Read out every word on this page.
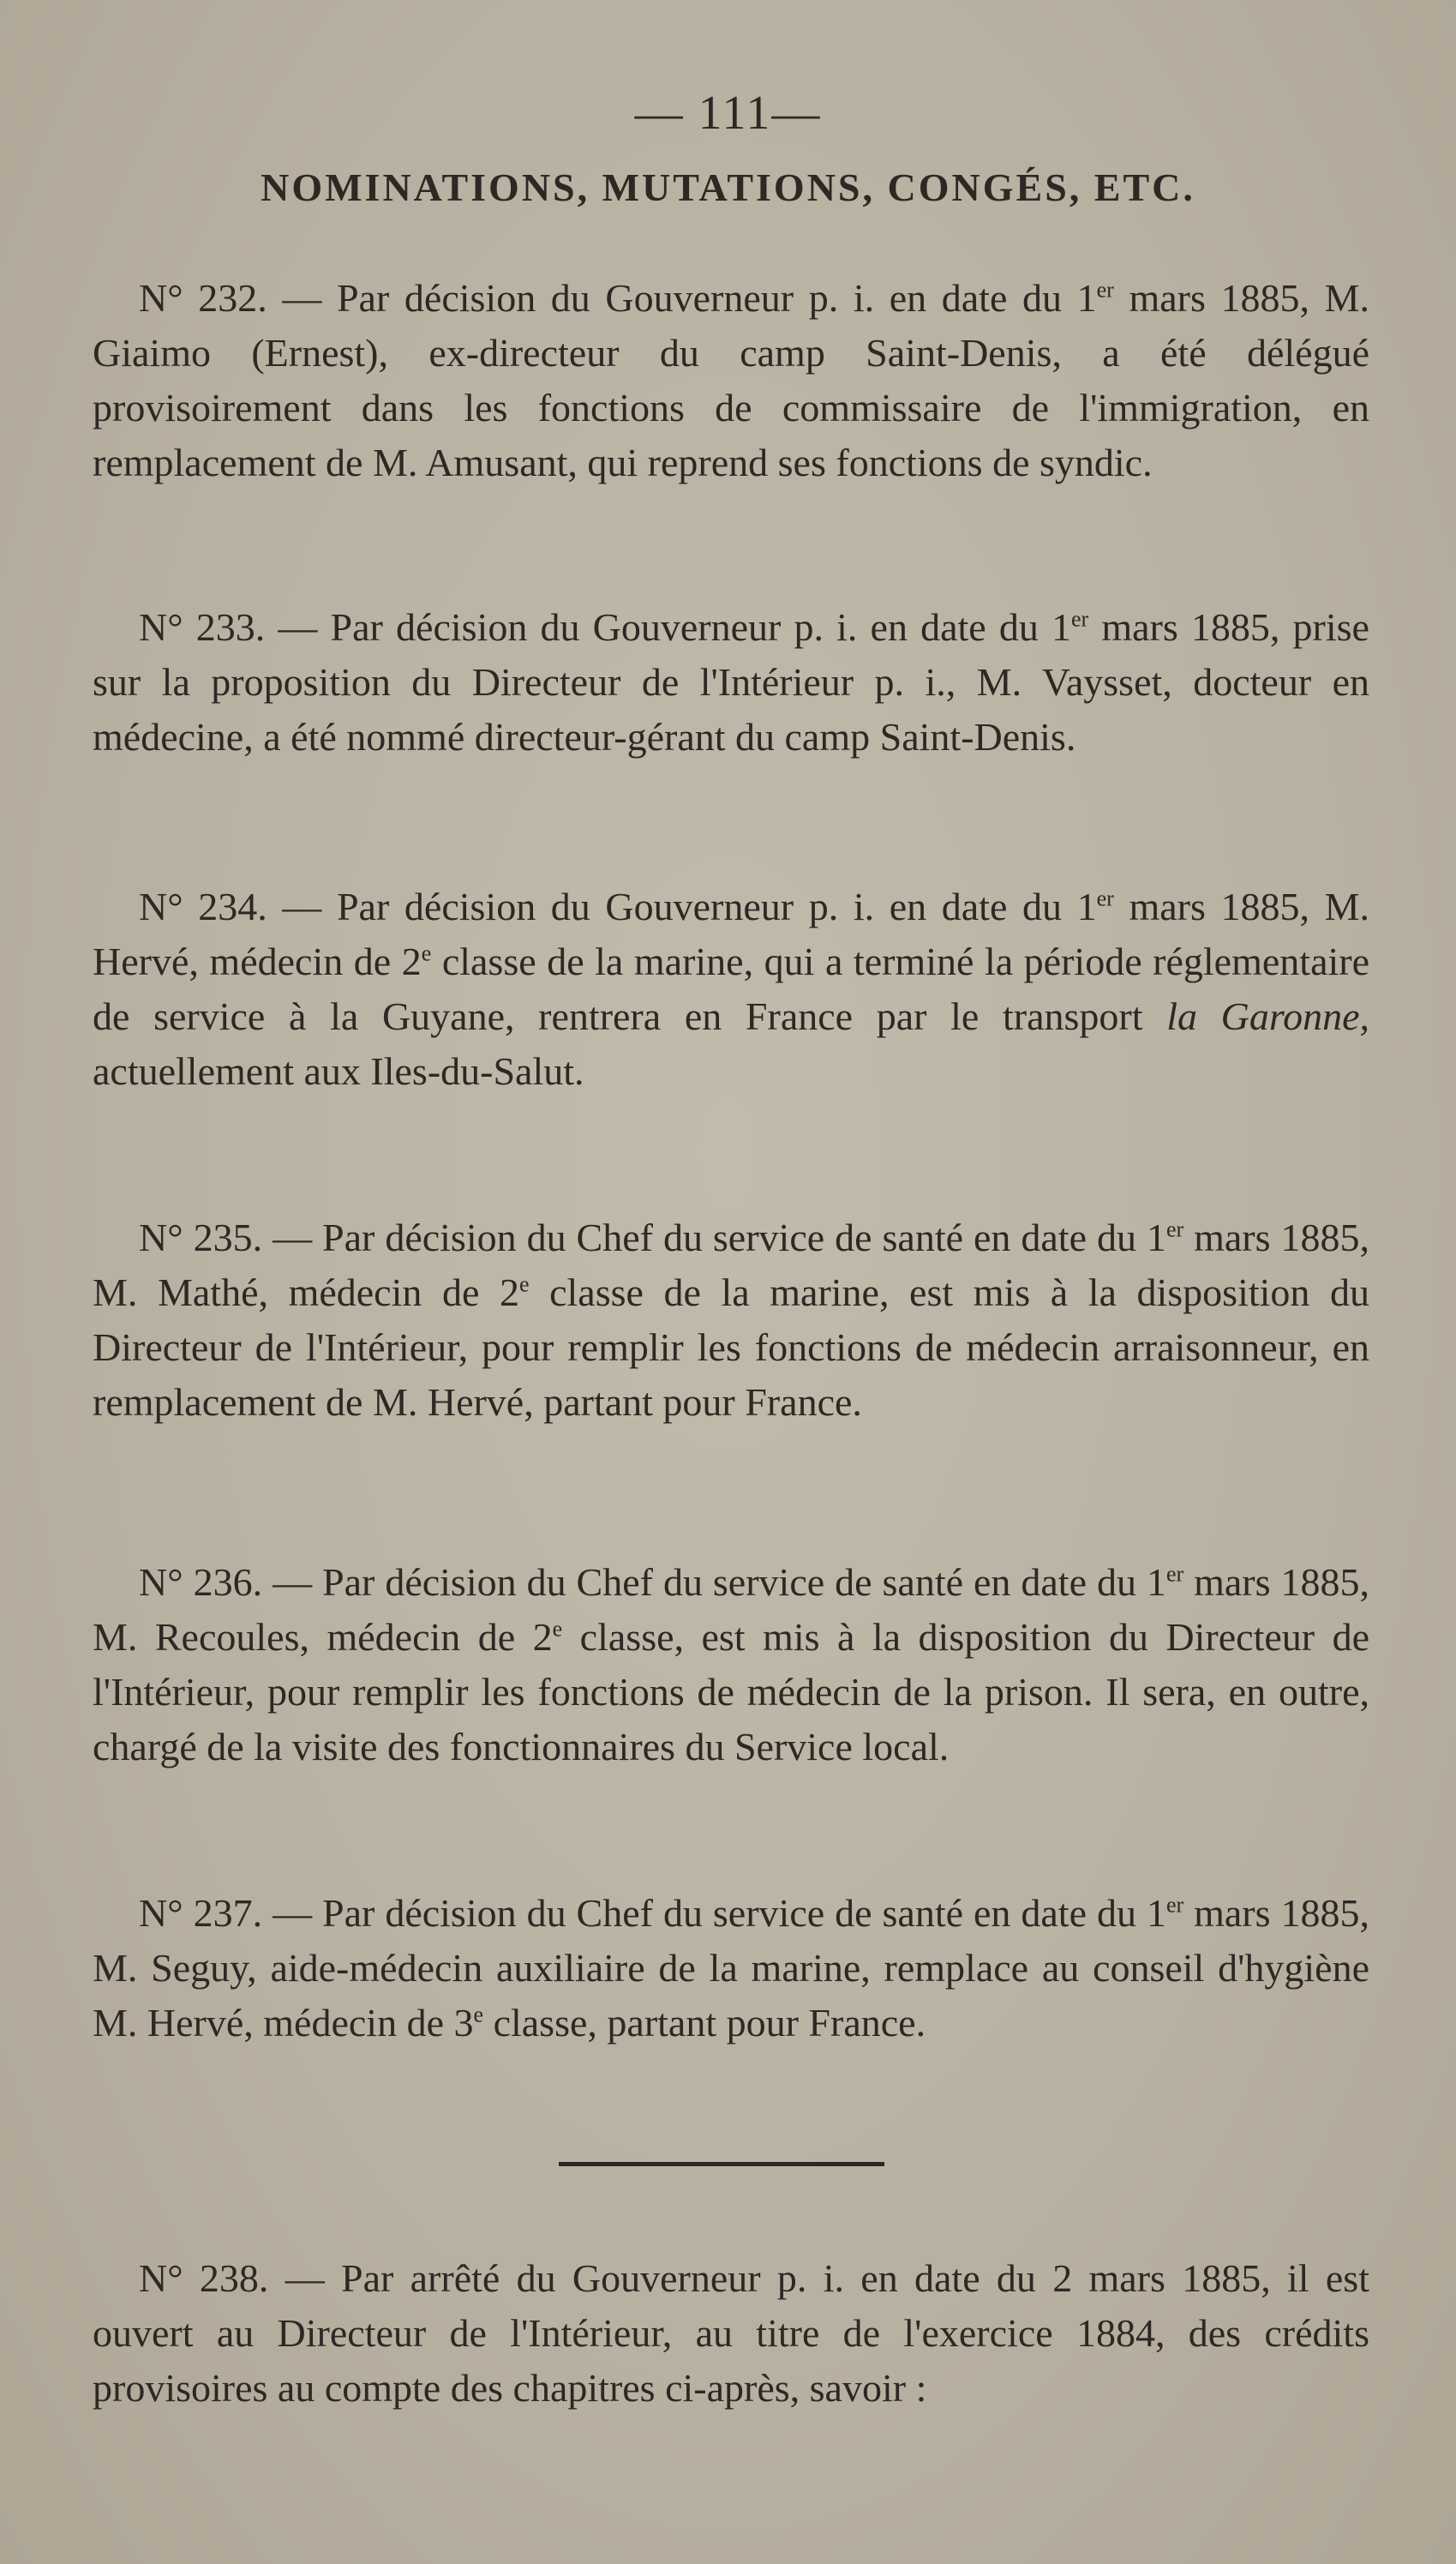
— 111—
NOMINATIONS, MUTATIONS, CONGÉS, ETC.
N° 232. — Par décision du Gouverneur p. i. en date du 1er mars 1885, M. Giaimo (Ernest), ex-directeur du camp Saint-Denis, a été délégué provisoirement dans les fonctions de commissaire de l'immigration, en remplacement de M. Amusant, qui reprend ses fonctions de syndic.
N° 233. — Par décision du Gouverneur p. i. en date du 1er mars 1885, prise sur la proposition du Directeur de l'Intérieur p. i., M. Vaysset, docteur en médecine, a été nommé directeur-gérant du camp Saint-Denis.
N° 234. — Par décision du Gouverneur p. i. en date du 1er mars 1885, M. Hervé, médecin de 2e classe de la marine, qui a terminé la période réglementaire de service à la Guyane, rentrera en France par le transport la Garonne, actuellement aux Iles-du-Salut.
N° 235. — Par décision du Chef du service de santé en date du 1er mars 1885, M. Mathé, médecin de 2e classe de la marine, est mis à la disposition du Directeur de l'Intérieur, pour remplir les fonctions de médecin arraisonneur, en remplacement de M. Hervé, partant pour France.
N° 236. — Par décision du Chef du service de santé en date du 1er mars 1885, M. Recoules, médecin de 2e classe, est mis à la disposition du Directeur de l'Intérieur, pour remplir les fonctions de médecin de la prison. Il sera, en outre, chargé de la visite des fonctionnaires du Service local.
N° 237. — Par décision du Chef du service de santé en date du 1er mars 1885, M. Seguy, aide-médecin auxiliaire de la marine, remplace au conseil d'hygiène M. Hervé, médecin de 3e classe, partant pour France.
N° 238. — Par arrêté du Gouverneur p. i. en date du 2 mars 1885, il est ouvert au Directeur de l'Intérieur, au titre de l'exercice 1884, des crédits provisoires au compte des chapitres ci-après, savoir :
